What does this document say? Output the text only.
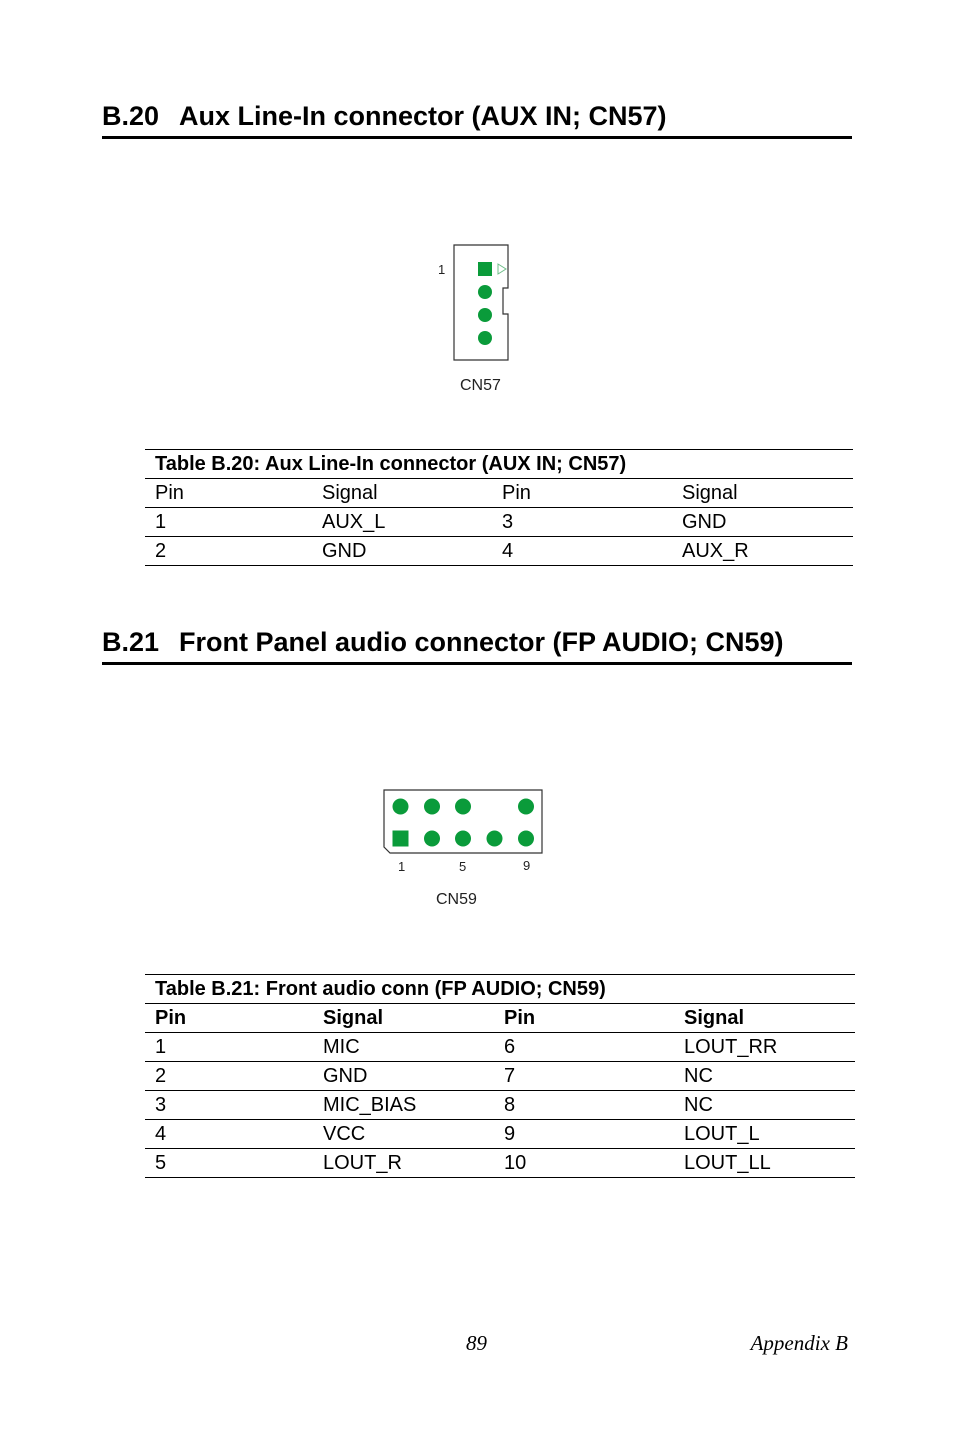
B.20 Aux Line-In connector (AUX IN; CN57)
1
CN57
Table B.20: Aux Line-In connector (AUX IN; CN57)
Pin	Signal	Pin	Signal
1	AUX_L	3	GND
2	GND	4	AUX_R
B.21 Front Panel audio connector (FP AUDIO; CN59)
1	5	9
CN59
Table B.21: Front audio conn (FP AUDIO; CN59)
Pin	Signal	Pin	Signal
1	MIC	6	LOUT_RR
2	GND	7	NC
3	MIC_BIAS	8	NC
4	VCC	9	LOUT_L
5	LOUT_R	10	LOUT_LL
89	Appendix B
